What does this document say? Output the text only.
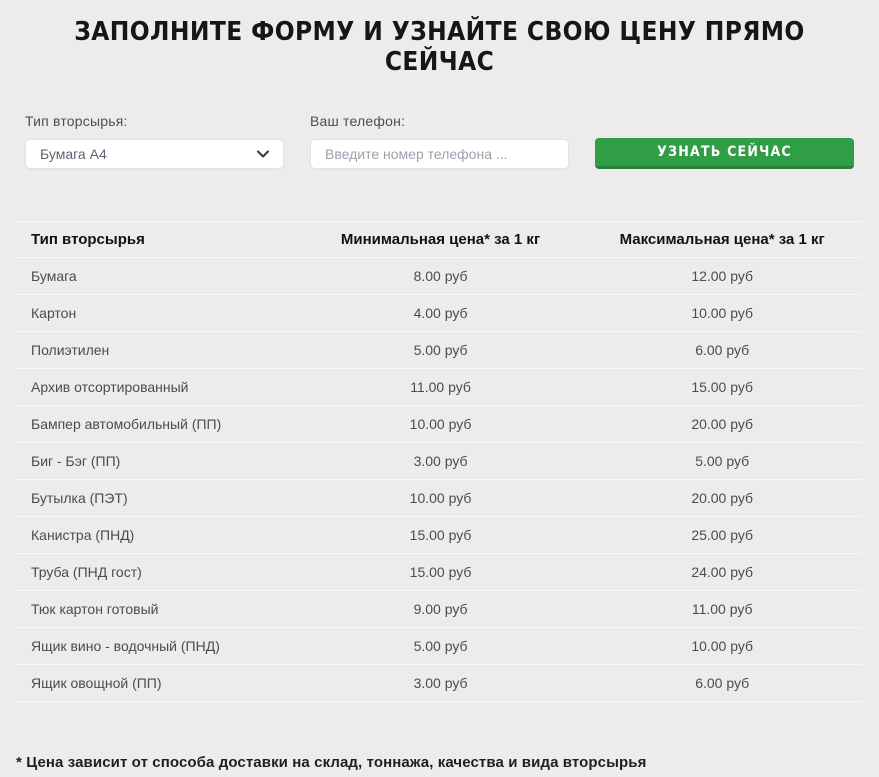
ЗАПОЛНИТЕ ФОРМУ И УЗНАЙТЕ СВОЮ ЦЕНУ ПРЯМО СЕЙЧАС
Тип вторсырья:
Бумага А4
Ваш телефон:
Введите номер телефона ...
УЗНАТЬ СЕЙЧАС
Тип вторсырья	Минимальная цена* за 1 кг	Максимальная цена* за 1 кг
Бумага	8.00 руб	12.00 руб
Картон	4.00 руб	10.00 руб
Полиэтилен	5.00 руб	6.00 руб
Архив отсортированный	11.00 руб	15.00 руб
Бампер автомобильный (ПП)	10.00 руб	20.00 руб
Биг - Бэг (ПП)	3.00 руб	5.00 руб
Бутылка (ПЭТ)	10.00 руб	20.00 руб
Канистра (ПНД)	15.00 руб	25.00 руб
Труба (ПНД гост)	15.00 руб	24.00 руб
Тюк картон готовый	9.00 руб	11.00 руб
Ящик вино - водочный (ПНД)	5.00 руб	10.00 руб
Ящик овощной (ПП)	3.00 руб	6.00 руб

* Цена зависит от способа доставки на склад, тоннажа, качества и вида вторсырья
